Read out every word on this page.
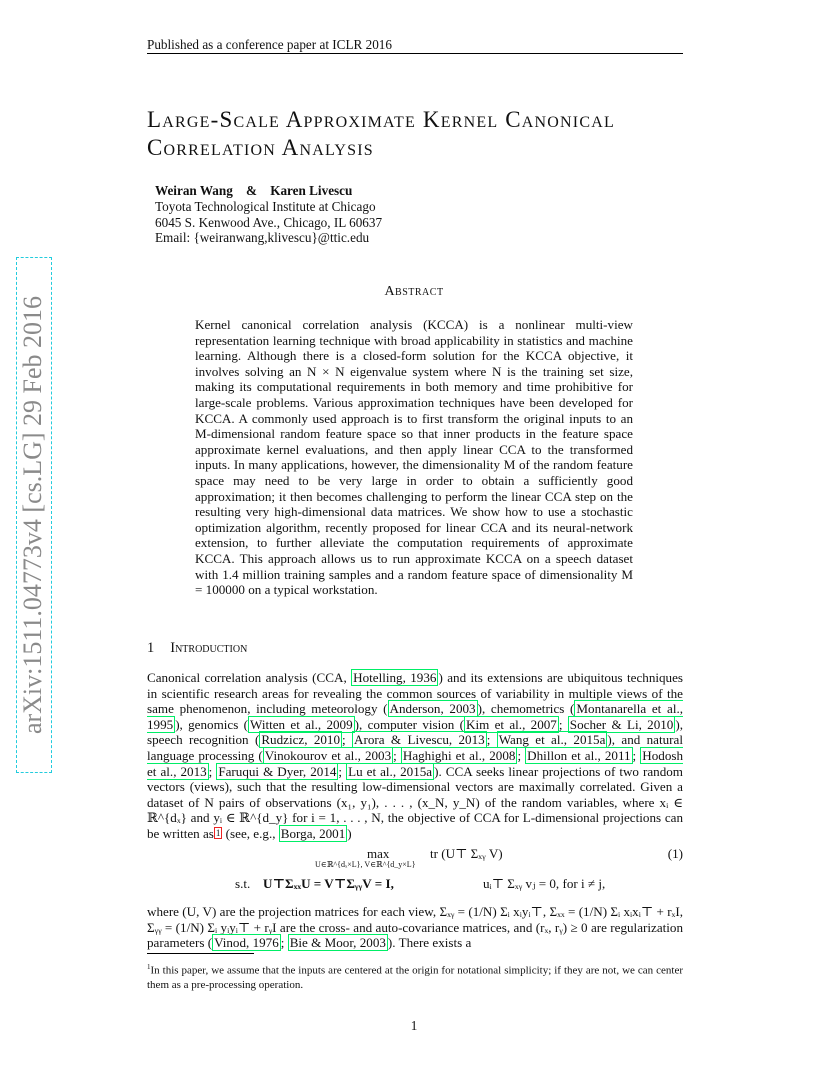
Published as a conference paper at ICLR 2016
Large-Scale Approximate Kernel Canonical
Correlation Analysis
Weiran Wang & Karen Livescu
Toyota Technological Institute at Chicago
6045 S. Kenwood Ave., Chicago, IL 60637
Email: {weiranwang,klivescu}@ttic.edu
Abstract
Kernel canonical correlation analysis (KCCA) is a nonlinear multi-view representation learning technique with broad applicability in statistics and machine learning. Although there is a closed-form solution for the KCCA objective, it involves solving an N × N eigenvalue system where N is the training set size, making its computational requirements in both memory and time prohibitive for large-scale problems. Various approximation techniques have been developed for KCCA. A commonly used approach is to first transform the original inputs to an M-dimensional random feature space so that inner products in the feature space approximate kernel evaluations, and then apply linear CCA to the transformed inputs. In many applications, however, the dimensionality M of the random feature space may need to be very large in order to obtain a sufficiently good approximation; it then becomes challenging to perform the linear CCA step on the resulting very high-dimensional data matrices. We show how to use a stochastic optimization algorithm, recently proposed for linear CCA and its neural-network extension, to further alleviate the computation requirements of approximate KCCA. This approach allows us to run approximate KCCA on a speech dataset with 1.4 million training samples and a random feature space of dimensionality M = 100000 on a typical workstation.
1 Introduction
Canonical correlation analysis (CCA, Hotelling, 1936 ) and its extensions are ubiquitous techniques in scientific research areas for revealing the common sources of variability in multiple views of the same phenomenon, including meteorology ( Anderson, 2003 ), chemometrics ( Montanarella et al., 1995 ), genomics ( Witten et al., 2009 ), computer vision ( Kim et al., 2007 ; Socher & Li, 2010 ), speech recognition ( Rudzicz, 2010 ; Arora & Livescu, 2013 ; Wang et al., 2015a ), and natural language processing ( Vinokourov et al., 2003 ; Haghighi et al., 2008 ; Dhillon et al., 2011 ; Hodosh et al., 2013 ; Faruqui & Dyer, 2014 ; Lu et al., 2015a ). CCA seeks linear projections of two random vectors (views), such that the resulting low-dimensional vectors are maximally correlated. Given a dataset of N pairs of observations (x₁, y₁), . . . , (x_N, y_N) of the random variables, where xᵢ ∈ ℝ^{dₓ} and yᵢ ∈ ℝ^{d_y} for i = 1, . . . , N, the objective of CCA for L-dimensional projections can be written as $^1$ (see, e.g., Borga, 2001 )
max
U∈ℝ^{dₓ×L}, V∈ℝ^{d_y×L}
tr (U⊤ Σₓᵧ V)	(1)
s.t. U⊤ΣₓₓU = V⊤ΣᵧᵧV = I,	uᵢ⊤ Σₓᵧ vⱼ = 0, for i ≠ j,
where (U, V) are the projection matrices for each view, Σₓᵧ = (1/N) Σᵢ xᵢyᵢ⊤, Σₓₓ = (1/N) Σᵢ xᵢxᵢ⊤ + rₓI, Σᵧᵧ = (1/N) Σᵢ yᵢyᵢ⊤ + rᵧI are the cross- and auto-covariance matrices, and (rₓ, rᵧ) ≥ 0 are regularization parameters ( Vinod, 1976 ; Bie & Moor, 2003 ). There exists a
$^1$In this paper, we assume that the inputs are centered at the origin for notational simplicity; if they are not, we can center them as a pre-processing operation.
1
arXiv:1511.04773v4 [cs.LG] 29 Feb 2016
